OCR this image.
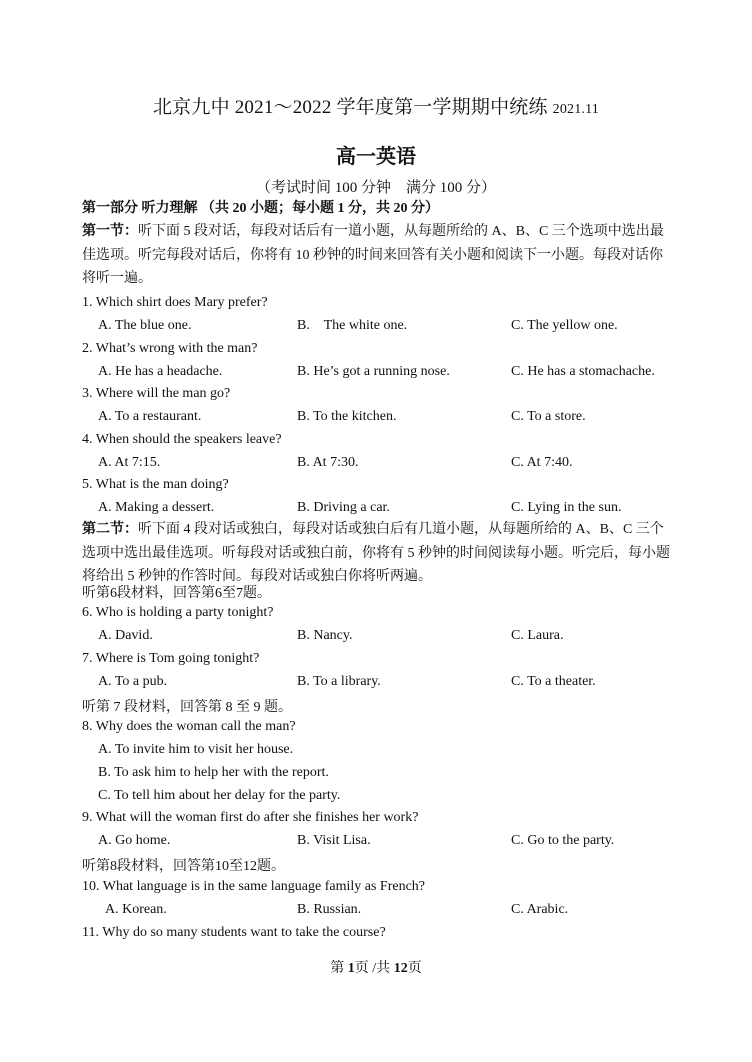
北京九中 2021～2022 学年度第一学期期中统练 2021.11
高一英语
（考试时间 100 分钟　满分 100 分）
第一部分 听力理解 （共 20 小题；每小题 1 分，共 20 分）
第一节：听下面 5 段对话，每段对话后有一道小题，从每题所给的 A、B、C 三个选项中选出最佳选项。听完每段对话后，你将有 10 秒钟的时间来回答有关小题和阅读下一小题。每段对话你将听一遍。
1. Which shirt does Mary prefer?
A. The blue one.	B.    The white one.	C. The yellow one.
2. What’s wrong with the man?
A. He has a headache.	B. He’s got a running nose.	C. He has a stomachache.
3. Where will the man go?
A. To a restaurant.	B. To the kitchen.	C. To a store.
4. When should the speakers leave?
A. At 7:15.	B. At 7:30.	C. At 7:40.
5. What is the man doing?
A. Making a dessert.	B. Driving a car.	C. Lying in the sun.
第二节：听下面 4 段对话或独白，每段对话或独白后有几道小题，从每题所给的 A、B、C 三个选项中选出最佳选项。听每段对话或独白前，你将有 5 秒钟的时间阅读每小题。听完后，每小题将给出 5 秒钟的作答时间。每段对话或独白你将听两遍。
听第6段材料，回答第6至7题。
6. Who is holding a party tonight?
A. David.	B. Nancy.	C. Laura.
7. Where is Tom going tonight?
A. To a pub.	B. To a library.	C. To a theater.
听第 7 段材料，回答第 8 至 9 题。
8. Why does the woman call the man?
A. To invite him to visit her house.
B. To ask him to help her with the report.
C. To tell him about her delay for the party.
9. What will the woman first do after she finishes her work?
A. Go home.	B. Visit Lisa.	C. Go to the party.
听第8段材料，回答第10至12题。
10. What language is in the same language family as French?
A. Korean.	B. Russian.	C. Arabic.
11. Why do so many students want to take the course?
第 1页 /共 12页
